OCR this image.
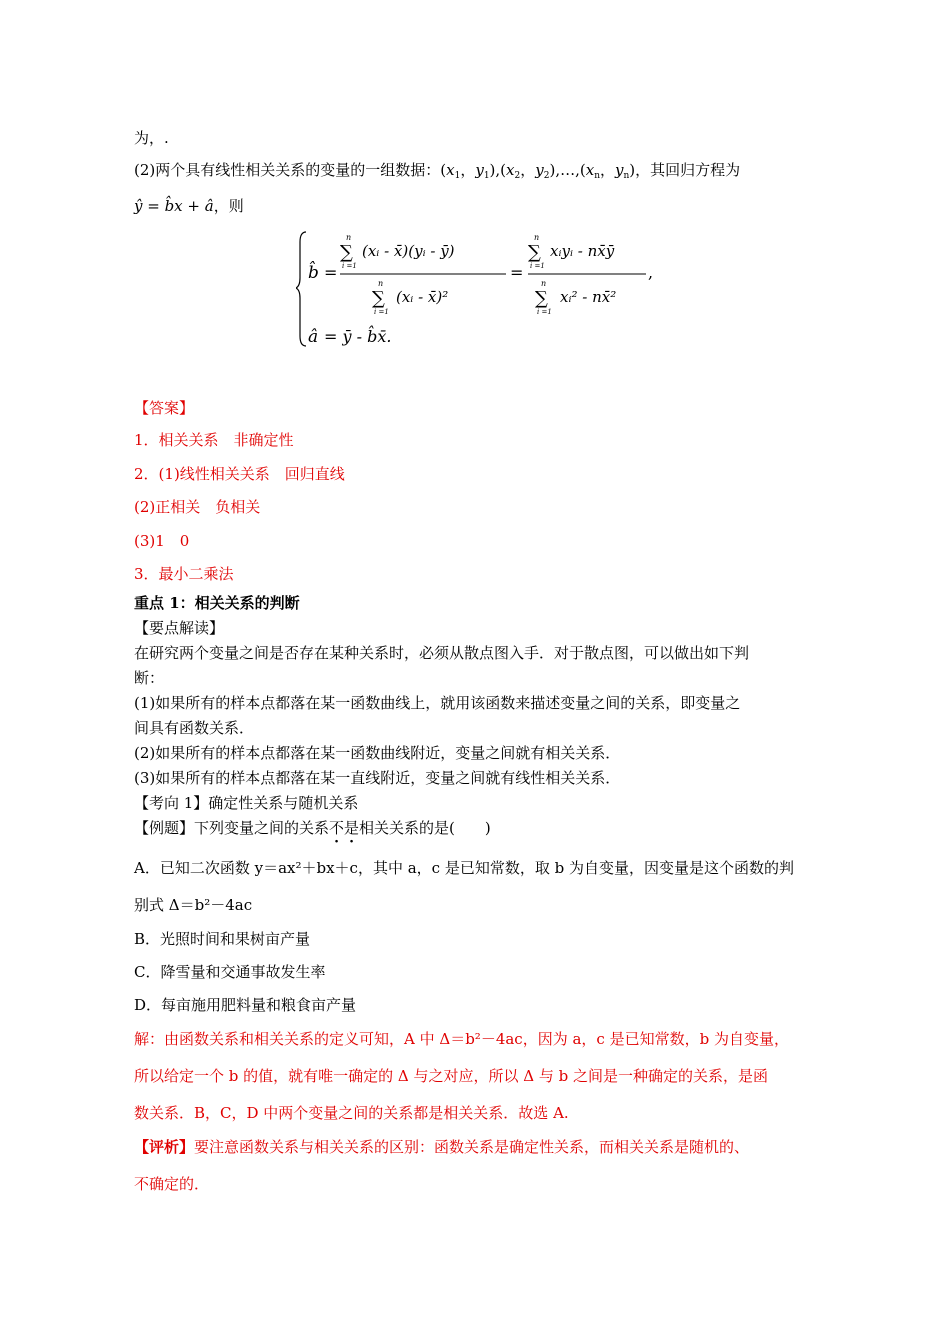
为，.
(2)两个具有线性相关关系的变量的一组数据：($x_1$，$y_1),(x_2$，$y_2),\dots,(x_n$，$y_n$)，其回归方程为
ŷ = b̂x + â，则
b̂ =
n
∑
i =1
(xᵢ - x̄)(yᵢ - ȳ)
n
∑
i =1
(xᵢ - x̄)²
=
n
∑
i =1
xᵢyᵢ - nx̄ȳ
n
∑
i =1
xᵢ² - nx̄²
,
â = ȳ - b̂x̄.
【答案】
1．相关关系　非确定性
2．(1)线性相关关系　回归直线
(2)正相关　负相关
(3)1　0
3．最小二乘法
重点 1：相关关系的判断
【要点解读】
在研究两个变量之间是否存在某种关系时，必须从散点图入手．对于散点图，可以做出如下判
断：
(1)如果所有的样本点都落在某一函数曲线上，就用该函数来描述变量之间的关系，即变量之
间具有函数关系．
(2)如果所有的样本点都落在某一函数曲线附近，变量之间就有相关关系．
(3)如果所有的样本点都落在某一直线附近，变量之间就有线性相关关系．
【考向 1】确定性关系与随机关系
【例题】下列变量之间的关系不是相关关系的是(　　)
A．已知二次函数 y＝ax²＋bx＋c，其中 a，c 是已知常数，取 b 为自变量，因变量是这个函数的判
别式 Δ＝b²－4ac
B．光照时间和果树亩产量
C．降雪量和交通事故发生率
D．每亩施用肥料量和粮食亩产量
解：由函数关系和相关关系的定义可知，A 中 Δ＝b²－4ac，因为 a，c 是已知常数，b 为自变量，
所以给定一个 b 的值，就有唯一确定的 Δ 与之对应，所以 Δ 与 b 之间是一种确定的关系，是函
数关系．B，C，D 中两个变量之间的关系都是相关关系．故选 A.
【评析】要注意函数关系与相关关系的区别：函数关系是确定性关系，而相关关系是随机的、
不确定的．
